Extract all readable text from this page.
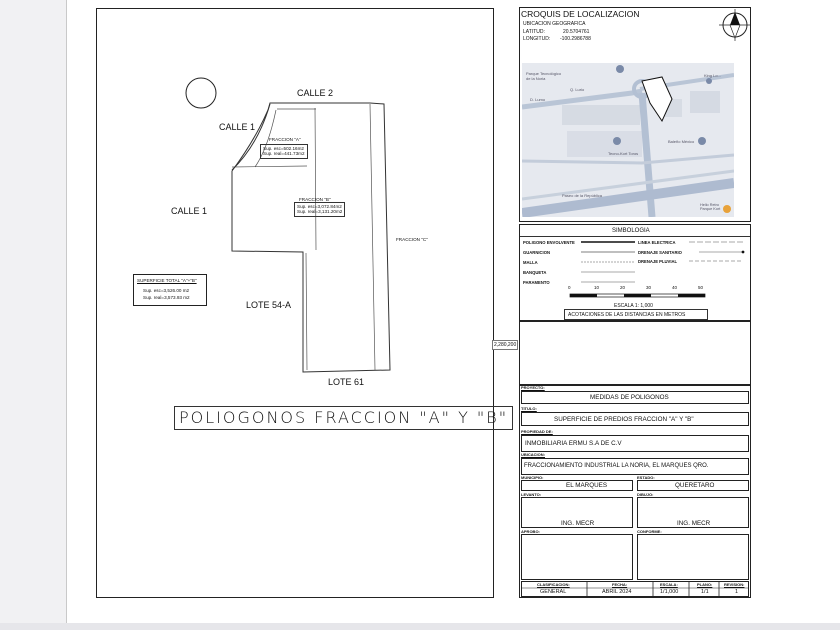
CALLE 2
CALLE 1
CALLE 1
LOTE 54-A
LOTE 61
FRACCION "A"
Sup. esc=502.16m2
Sup. real=441.73m2
FRACCION "B"
Sup. esc=3,072.84m2
Sup. real=3,131.20m2
FRACCION "C"
SUPERFICIE TOTAL "A"+"B"
Sup. esc=3,526.00 m2
Sup. real=3,573.93 m2
POLIOGONOS FRACCION "A" Y "B"
2,280,200
CROQUIS DE LOCALIZACION
UBICACION GEOGRAFICA
LATITUD:	20.5704761
LONGITUD: -100.2986788
Parque Tecnológico
de la Noria
D. Lumo
Q. Lurio
King Lo...
Baleño México
Tecno-Kort Toros
Paseo de la República
Hello Retro Parque Kort
SIMBOLOGIA
POLIGONO ENVOLVENTE
GUARNICION
MALLA
BANQUETA
PARAMENTO
LINEA ELECTRICA
DRENAJE SANITARIO
DRENAJE PLUVIAL
0	10	20	30	40	50
ESCALA 1: 1,000
ACOTACIONES DE LAS DISTANCIAS EN METROS
PROYECTO:
MEDIDAS DE POLIGONOS
TITULO:
SUPERFICIE DE PREDIOS FRACCION "A" Y "B"
PROPIEDAD DE:
INMOBILIARIA ERMU S.A DE C.V
UBICACION:
FRACCIONAMIENTO INDUSTRIAL LA NORIA, EL MARQUES QRO.
MUNICIPIO:
EL MARQUES
ESTADO:
QUERETARO
LEVANTO:
ING. MECR
DIBUJO:
ING. MECR
APROBO:	CONFORME:
CLASIFICACION:
GENERAL
FECHA:
ABRIL 2024
ESCALA:
1/1,000
PLANO:
1/1
REVISION:
1
